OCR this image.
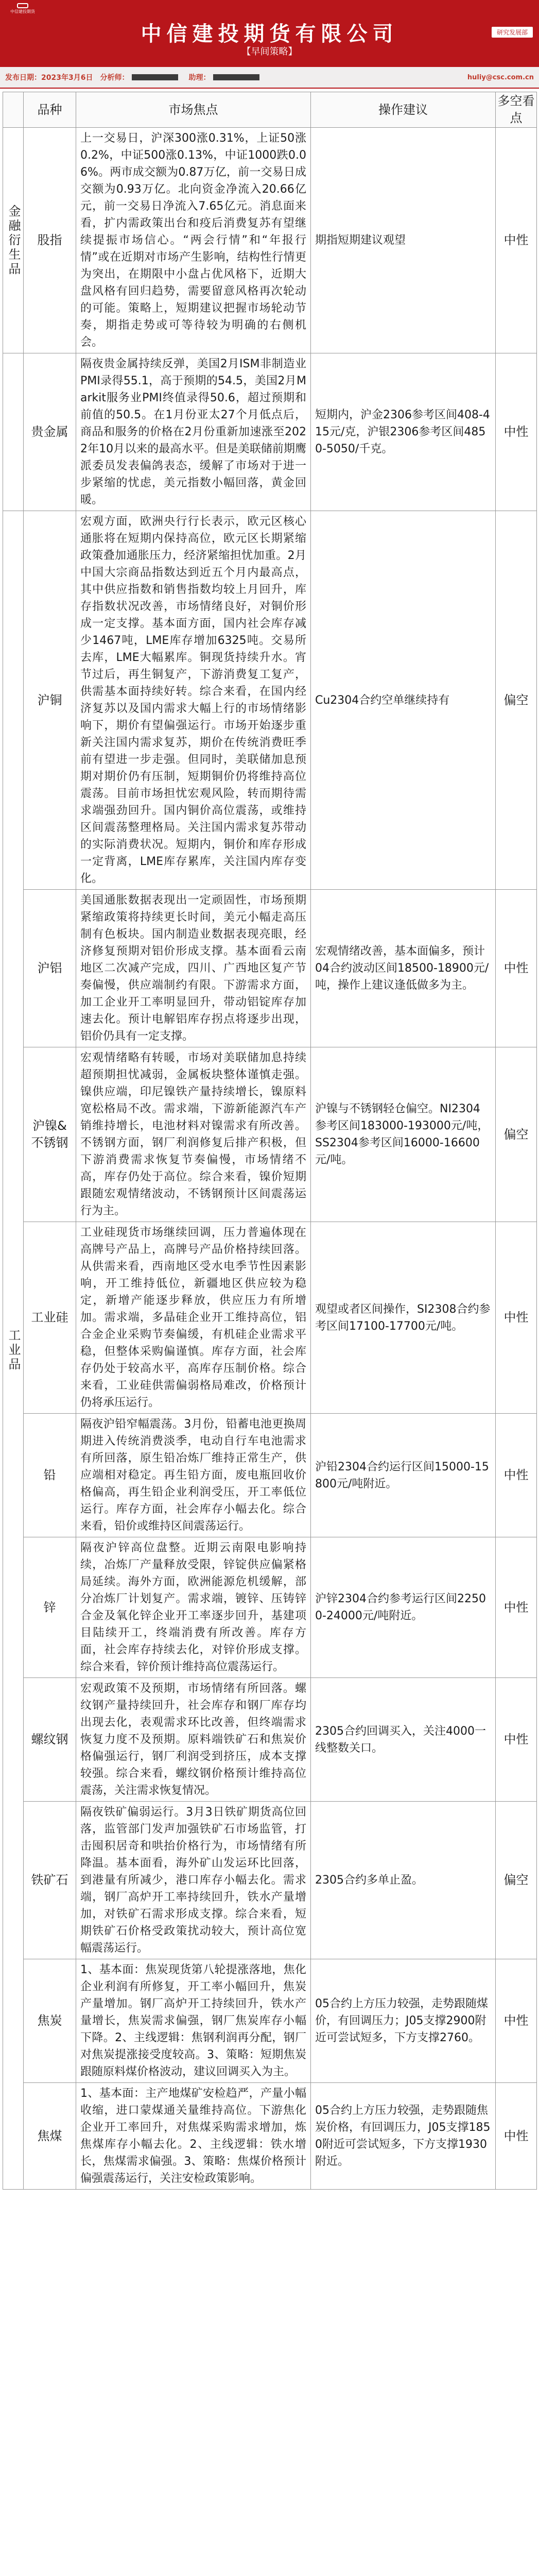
中信建投期货
中信建投期货有限公司
【早间策略】
研究发展部
发布日期：2023年3月6日 分析师：	助理：	huliy@csc.com.cn
	品种	市场焦点	操作建议	多空看点
金融衍生品	股指	上一交易日，沪深300涨0.31%，上证50涨0.2%，中证500涨0.13%，中证1000跌0.06%。两市成交额为0.87万亿，前一交易日成交额为0.93万亿。北向资金净流入20.66亿元，前一交易日净流入7.65亿元。消息面来看，扩内需政策出台和疫后消费复苏有望继续提振市场信心。“两会行情”和“年报行情”或在近期对市场产生影响，结构性行情更为突出，在期限中小盘占优风格下，近期大盘风格有回归趋势，需要留意风格再次轮动的可能。策略上，短期建议把握市场轮动节奏，期指走势或可等待较为明确的右侧机会。	期指短期建议观望	中性
	贵金属	隔夜贵金属持续反弹，美国2月ISM非制造业PMI录得55.1，高于预期的54.5，美国2月Markit服务业PMI终值录得50.6，超过预期和前值的50.5。在1月份亚太27个月低点后，商品和服务的价格在2月份重新加速涨至2022年10月以来的最高水平。但是美联储前期鹰派委员发表偏鸽表态，缓解了市场对于进一步紧缩的忧虑，美元指数小幅回落，黄金回暖。	短期内，沪金2306参考区间408-415元/克，沪银2306参考区间4850-5050/千克。	中性
工业品	沪铜	宏观方面，欧洲央行行长表示，欧元区核心通胀将在短期内保持高位，欧元区长期紧缩政策叠加通胀压力，经济紧缩担忧加重。2月中国大宗商品指数达到近五个月内最高点，其中供应指数和销售指数均较上月回升，库存指数状况改善，市场情绪良好，对铜价形成一定支撑。基本面方面，国内社会库存减少1467吨，LME库存增加6325吨。交易所去库，LME大幅累库。铜现货持续升水。宵节过后，再生铜复产，下游消费复工复产，供需基本面持续好转。综合来看，在国内经济复苏以及国内需求大幅上行的市场情绪影响下，期价有望偏强运行。市场开始逐步重新关注国内需求复苏，期价在传统消费旺季前有望进一步走强。但同时，美联储加息预期对期价仍有压制，短期铜价仍将维持高位震荡。目前市场担忧宏观风险，转而期待需求端强劲回升。国内铜价高位震荡，或维持区间震荡整理格局。关注国内需求复苏带动的实际消费状况。短期内，铜价和库存形成一定背离，LME库存累库，关注国内库存变化。	Cu2304合约空单继续持有	偏空
	沪铝	美国通胀数据表现出一定顽固性，市场预期紧缩政策将持续更长时间，美元小幅走高压制有色板块。国内制造业数据表现亮眼，经济修复预期对铝价形成支撑。基本面看云南地区二次减产完成，四川、广西地区复产节奏偏慢，供应端制约有限。下游需求方面，加工企业开工率明显回升，带动铝锭库存加速去化。预计电解铝库存拐点将逐步出现，铝价仍具有一定支撑。	宏观情绪改善，基本面偏多，预计04合约波动区间18500-18900元/吨，操作上建议逢低做多为主。	中性
	沪镍&不锈钢	宏观情绪略有转暖，市场对美联储加息持续超预期担忧减弱，金属板块整体谨慎走强。镍供应端，印尼镍铁产量持续增长，镍原料宽松格局不改。需求端，下游新能源汽车产销维持增长，电池材料对镍需求有所改善。不锈钢方面，钢厂利润修复后排产积极，但下游消费需求恢复节奏偏慢，市场情绪不高，库存仍处于高位。综合来看，镍价短期跟随宏观情绪波动，不锈钢预计区间震荡运行为主。	沪镍与不锈钢轻仓偏空。NI2304参考区间183000-193000元/吨，SS2304参考区间16000-16600元/吨。	偏空
	工业硅	工业硅现货市场继续回调，压力普遍体现在高牌号产品上，高牌号产品价格持续回落。从供需来看，西南地区受水电季节性因素影响，开工维持低位，新疆地区供应较为稳定，新增产能逐步释放，供应压力有所增加。需求端，多晶硅企业开工维持高位，铝合金企业采购节奏偏缓，有机硅企业需求平稳，但整体采购偏谨慎。库存方面，社会库存仍处于较高水平，高库存压制价格。综合来看，工业硅供需偏弱格局难改，价格预计仍将承压运行。	观望或者区间操作，SI2308合约参考区间17100-17700元/吨。	中性
	铅	隔夜沪铅窄幅震荡。3月份，铅蓄电池更换周期进入传统消费淡季，电动自行车电池需求有所回落，原生铅冶炼厂维持正常生产，供应端相对稳定。再生铅方面，废电瓶回收价格偏高，再生铅企业利润受压，开工率低位运行。库存方面，社会库存小幅去化。综合来看，铅价或维持区间震荡运行。	沪铅2304合约运行区间15000-15800元/吨附近。	中性
	锌	隔夜沪锌高位盘整。近期云南限电影响持续，冶炼厂产量释放受限，锌锭供应偏紧格局延续。海外方面，欧洲能源危机缓解，部分冶炼厂计划复产。需求端，镀锌、压铸锌合金及氧化锌企业开工率逐步回升，基建项目陆续开工，终端消费有所改善。库存方面，社会库存持续去化，对锌价形成支撑。综合来看，锌价预计维持高位震荡运行。	沪锌2304合约参考运行区间22500-24000元/吨附近。	中性
	螺纹钢	宏观政策不及预期，市场情绪有所回落。螺纹钢产量持续回升，社会库存和钢厂库存均出现去化，表观需求环比改善，但终端需求恢复力度不及预期。原料端铁矿石和焦炭价格偏强运行，钢厂利润受到挤压，成本支撑较强。综合来看，螺纹钢价格预计维持高位震荡，关注需求恢复情况。	2305合约回调买入，关注4000一线整数关口。	中性
	铁矿石	隔夜铁矿偏弱运行。3月3日铁矿期货高位回落，监管部门发声加强铁矿石市场监管，打击囤积居奇和哄抬价格行为，市场情绪有所降温。基本面看，海外矿山发运环比回落，到港量有所减少，港口库存小幅去化。需求端，钢厂高炉开工率持续回升，铁水产量增加，对铁矿石需求形成支撑。综合来看，短期铁矿石价格受政策扰动较大，预计高位宽幅震荡运行。	2305合约多单止盈。	偏空
	焦炭	1、基本面：焦炭现货第八轮提涨落地，焦化企业利润有所修复，开工率小幅回升，焦炭产量增加。钢厂高炉开工持续回升，铁水产量增长，焦炭需求偏强，钢厂焦炭库存小幅下降。2、主线逻辑：焦钢利润再分配，钢厂对焦炭提涨接受度较高。3、策略：短期焦炭跟随原料煤价格波动，建议回调买入为主。	05合约上方压力较强，走势跟随煤价，有回调压力；J05支撑2900附近可尝试短多，下方支撑2760。	中性
	焦煤	1、基本面：主产地煤矿安检趋严，产量小幅收缩，进口蒙煤通关量维持高位。下游焦化企业开工率回升，对焦煤采购需求增加，炼焦煤库存小幅去化。2、主线逻辑：铁水增长，焦煤需求偏强。3、策略：焦煤价格预计偏强震荡运行，关注安检政策影响。	05合约上方压力较强，走势跟随焦炭价格，有回调压力，J05支撑1850附近可尝试短多，下方支撑1930附近。	中性
